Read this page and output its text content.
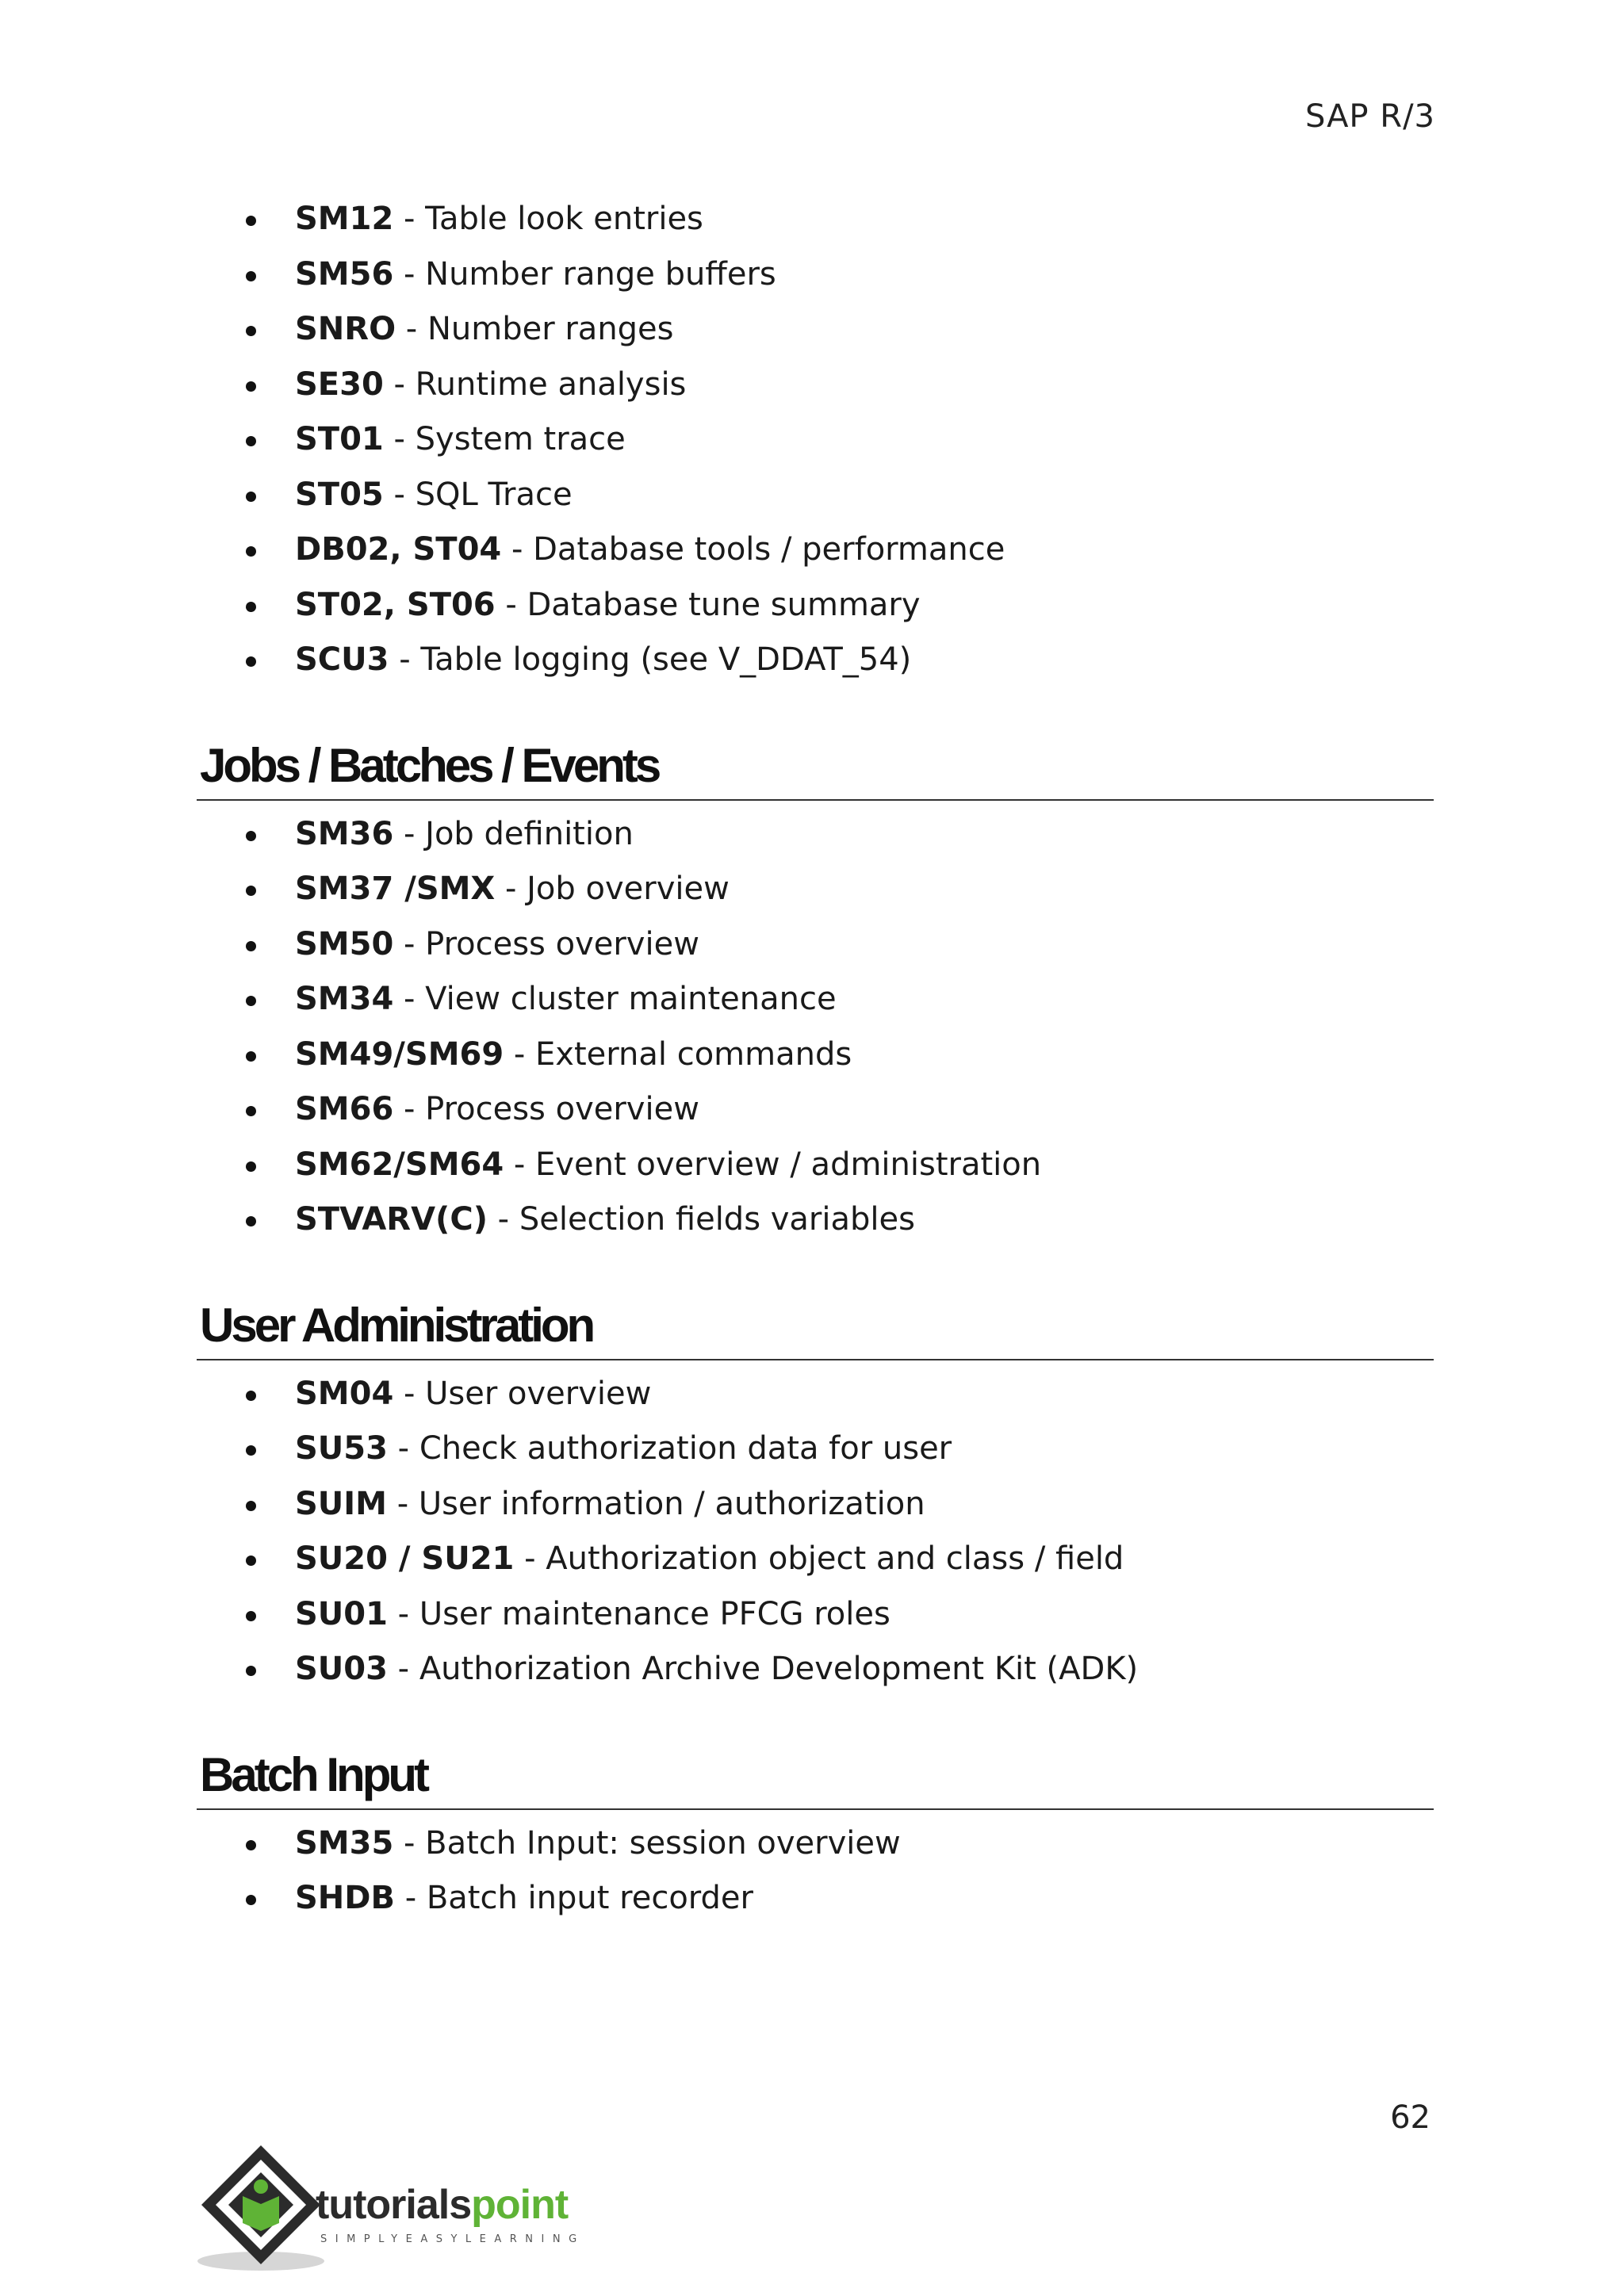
SAP R/3
SM12 - Table look entries
SM56 - Number range buffers
SNRO - Number ranges
SE30 - Runtime analysis
ST01 - System trace
ST05 - SQL Trace
DB02, ST04 - Database tools / performance
ST02, ST06 - Database tune summary
SCU3 - Table logging (see V_DDAT_54)
Jobs / Batches / Events
SM36 - Job definition
SM37 /SMX - Job overview
SM50 - Process overview
SM34 - View cluster maintenance
SM49/SM69 - External commands
SM66 - Process overview
SM62/SM64 - Event overview / administration
STVARV(C) - Selection fields variables
User Administration
SM04 - User overview
SU53 - Check authorization data for user
SUIM - User information / authorization
SU20 / SU21 - Authorization object and class / field
SU01 - User maintenance PFCG roles
SU03 - Authorization Archive Development Kit (ADK)
Batch Input
SM35 - Batch Input: session overview
SHDB - Batch input recorder
62
tutorialspoint
SIMPLYEASYLEARNING
